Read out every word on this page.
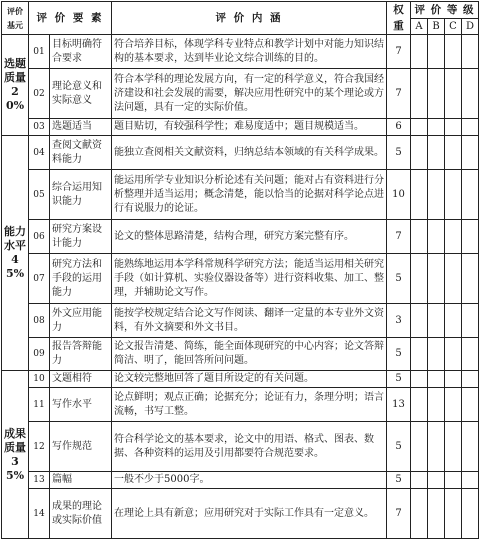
评价基元	评 价 要 素		评 价 内 涵	权重	评 价 等 级			
					A	B	C	D
选题质量20%	01	目标明确符合要求	符合培养目标，体现学科专业特点和教学计划中对能力知识结构的基本要求，达到毕业论文综合训练的目的。	7				
	02	理论意义和实际意义	符合本学科的理论发展方向，有一定的科学意义，符合我国经济建设和社会发展的需要，解决应用性研究中的某个理论或方法问题，具有一定的实际价值。	7				
	03	选题适当	题目贴切，有较强科学性；难易度适中；题目规模适当。	6				
能力水平45%	04	查阅文献资料能力	能独立查阅相关文献资料，归纳总结本领域的有关科学成果。	5				
	05	综合运用知识能力	能运用所学专业知识分析论述有关问题；能对占有资料进行分析整理并适当运用；概念清楚，能以恰当的论据对科学论点进行有说服力的论证。	10				
	06	研究方案设计能力	论文的整体思路清楚，结构合理，研究方案完整有序。	7				
	07	研究方法和手段的运用能力	能熟练地运用本学科常规科学研究方法；能适当运用相关研究手段（如计算机、实验仪器设备等）进行资料收集、加工、整理，并辅助论文写作。	5				
	08	外文应用能力	能按学校规定结合论文写作阅读、翻译一定量的本专业外文资料，有外文摘要和外文书目。	3				
	09	报告答辩能力	论文报告清楚、简练，能全面体现研究的中心内容；论文答辩简洁、明了，能回答所问问题。	5				
成果质量35%	10	文题相符	论文较完整地回答了题目所设定的有关问题。	5				
	11	写作水平	论点鲜明；观点正确；论据充分；论证有力，条理分明；语言流畅，书写工整。	13				
	12	写作规范	符合科学论文的基本要求，论文中的用语、格式、图表、数据、各种资料的运用及引用都要符合规范要求。	5				
	13	篇幅	一般不少于5000字。	5				
	14	成果的理论或实际价值	在理论上具有新意；应用研究对于实际工作具有一定意义。	7				
